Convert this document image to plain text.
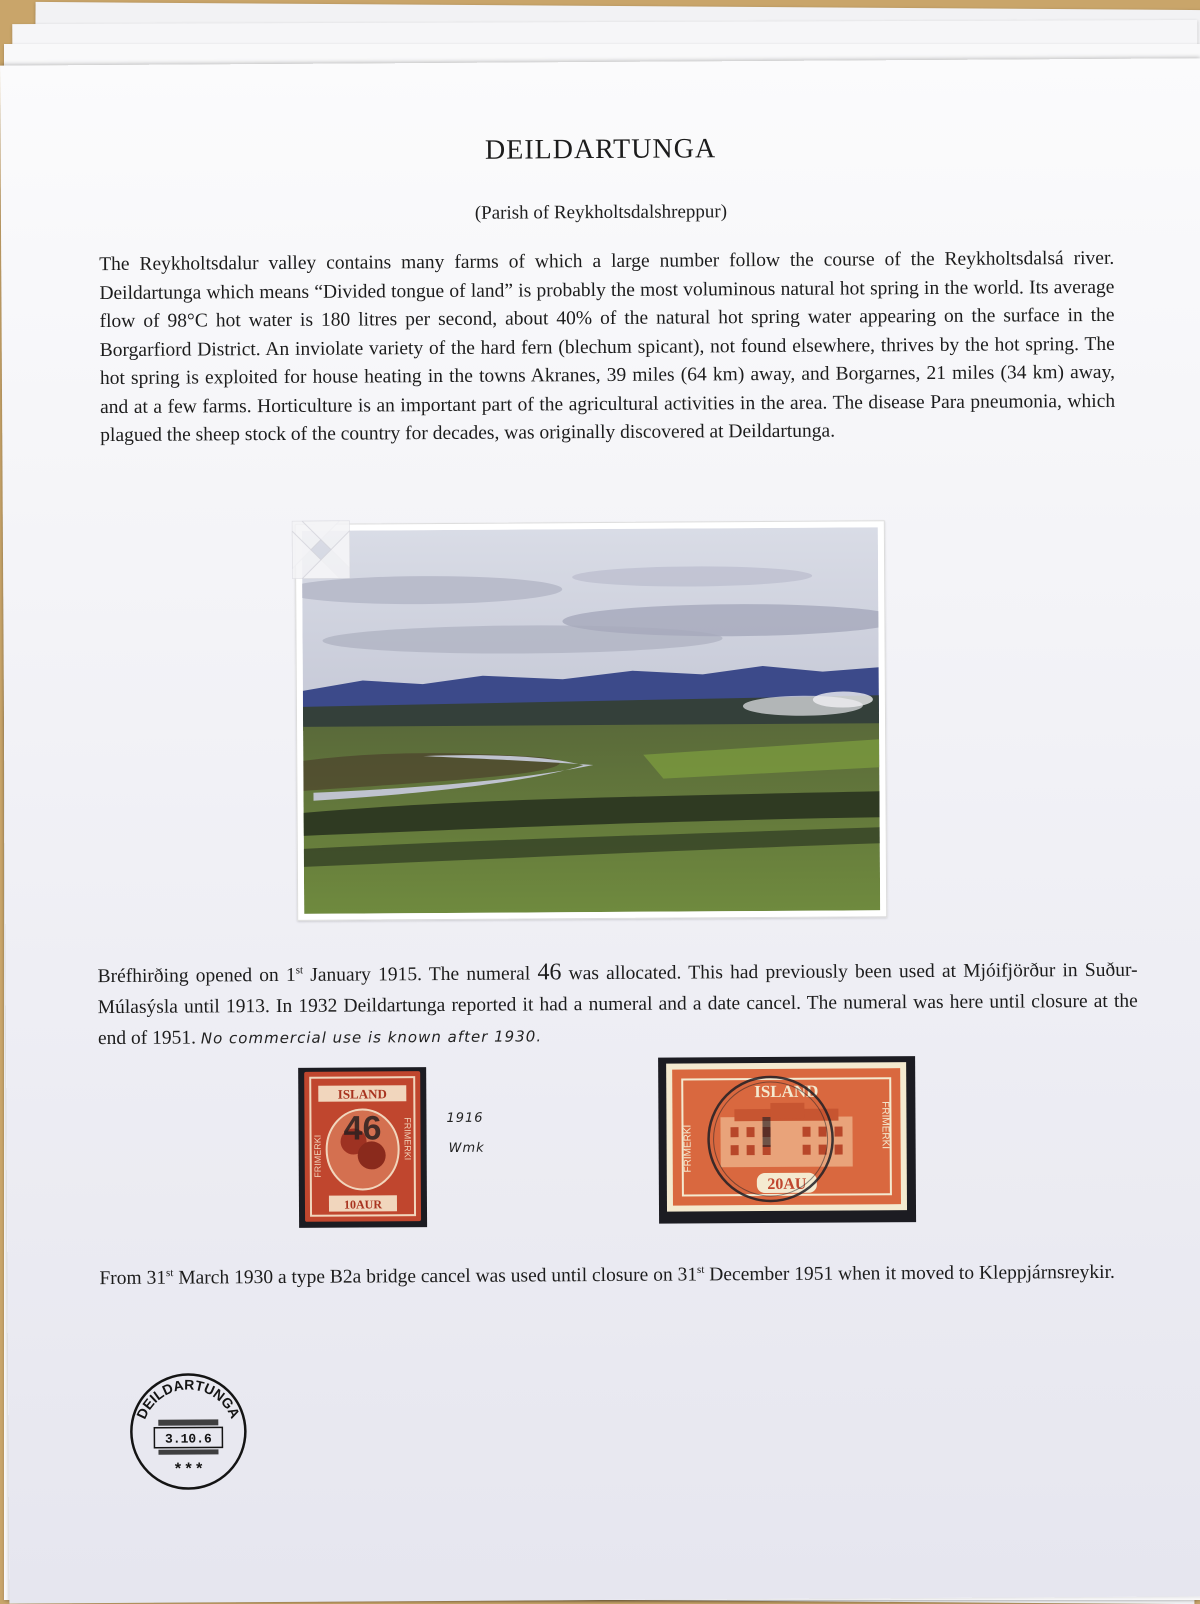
DEILDARTUNGA
(Parish of Reykholtsdalshreppur)
The Reykholtsdalur valley contains many farms of which a large number follow the course of the Reykholtsdalsá river. Deildartunga which means “Divided tongue of land” is probably the most voluminous natural hot spring in the world. Its average flow of 98°C hot water is 180 litres per second, about 40% of the natural hot spring water appearing on the surface in the Borgarfiord District. An inviolate variety of the hard fern (blechum spicant), not found elsewhere, thrives by the hot spring. The hot spring is exploited for house heating in the towns Akranes, 39 miles (64 km) away, and Borgarnes, 21 miles (34 km) away, and at a few farms. Horticulture is an important part of the agricultural activities in the area. The disease Para pneumonia, which plagued the sheep stock of the country for decades, was originally discovered at Deildartunga.
Bréfhirðing opened on 1st January 1915. The numeral 46 was allocated. This had previously been used at Mjóifjörður in Suður-Múlasýsla until 1913. In 1932 Deildartunga reported it had a numeral and a date cancel. The numeral was here until closure at the end of 1951. No commercial use is known after 1930.
ISLAND
FRIMERKI	FRIMERKI
10AUR
46	1916
Wmk
ISLAND
FRIMERKI	FRIMERKI
20AU
From 31st March 1930 a type B2a bridge cancel was used until closure on 31st December 1951 when it moved to Kleppjárnsreykir.
DEILDARTUNGA
3.10.6
* * *
